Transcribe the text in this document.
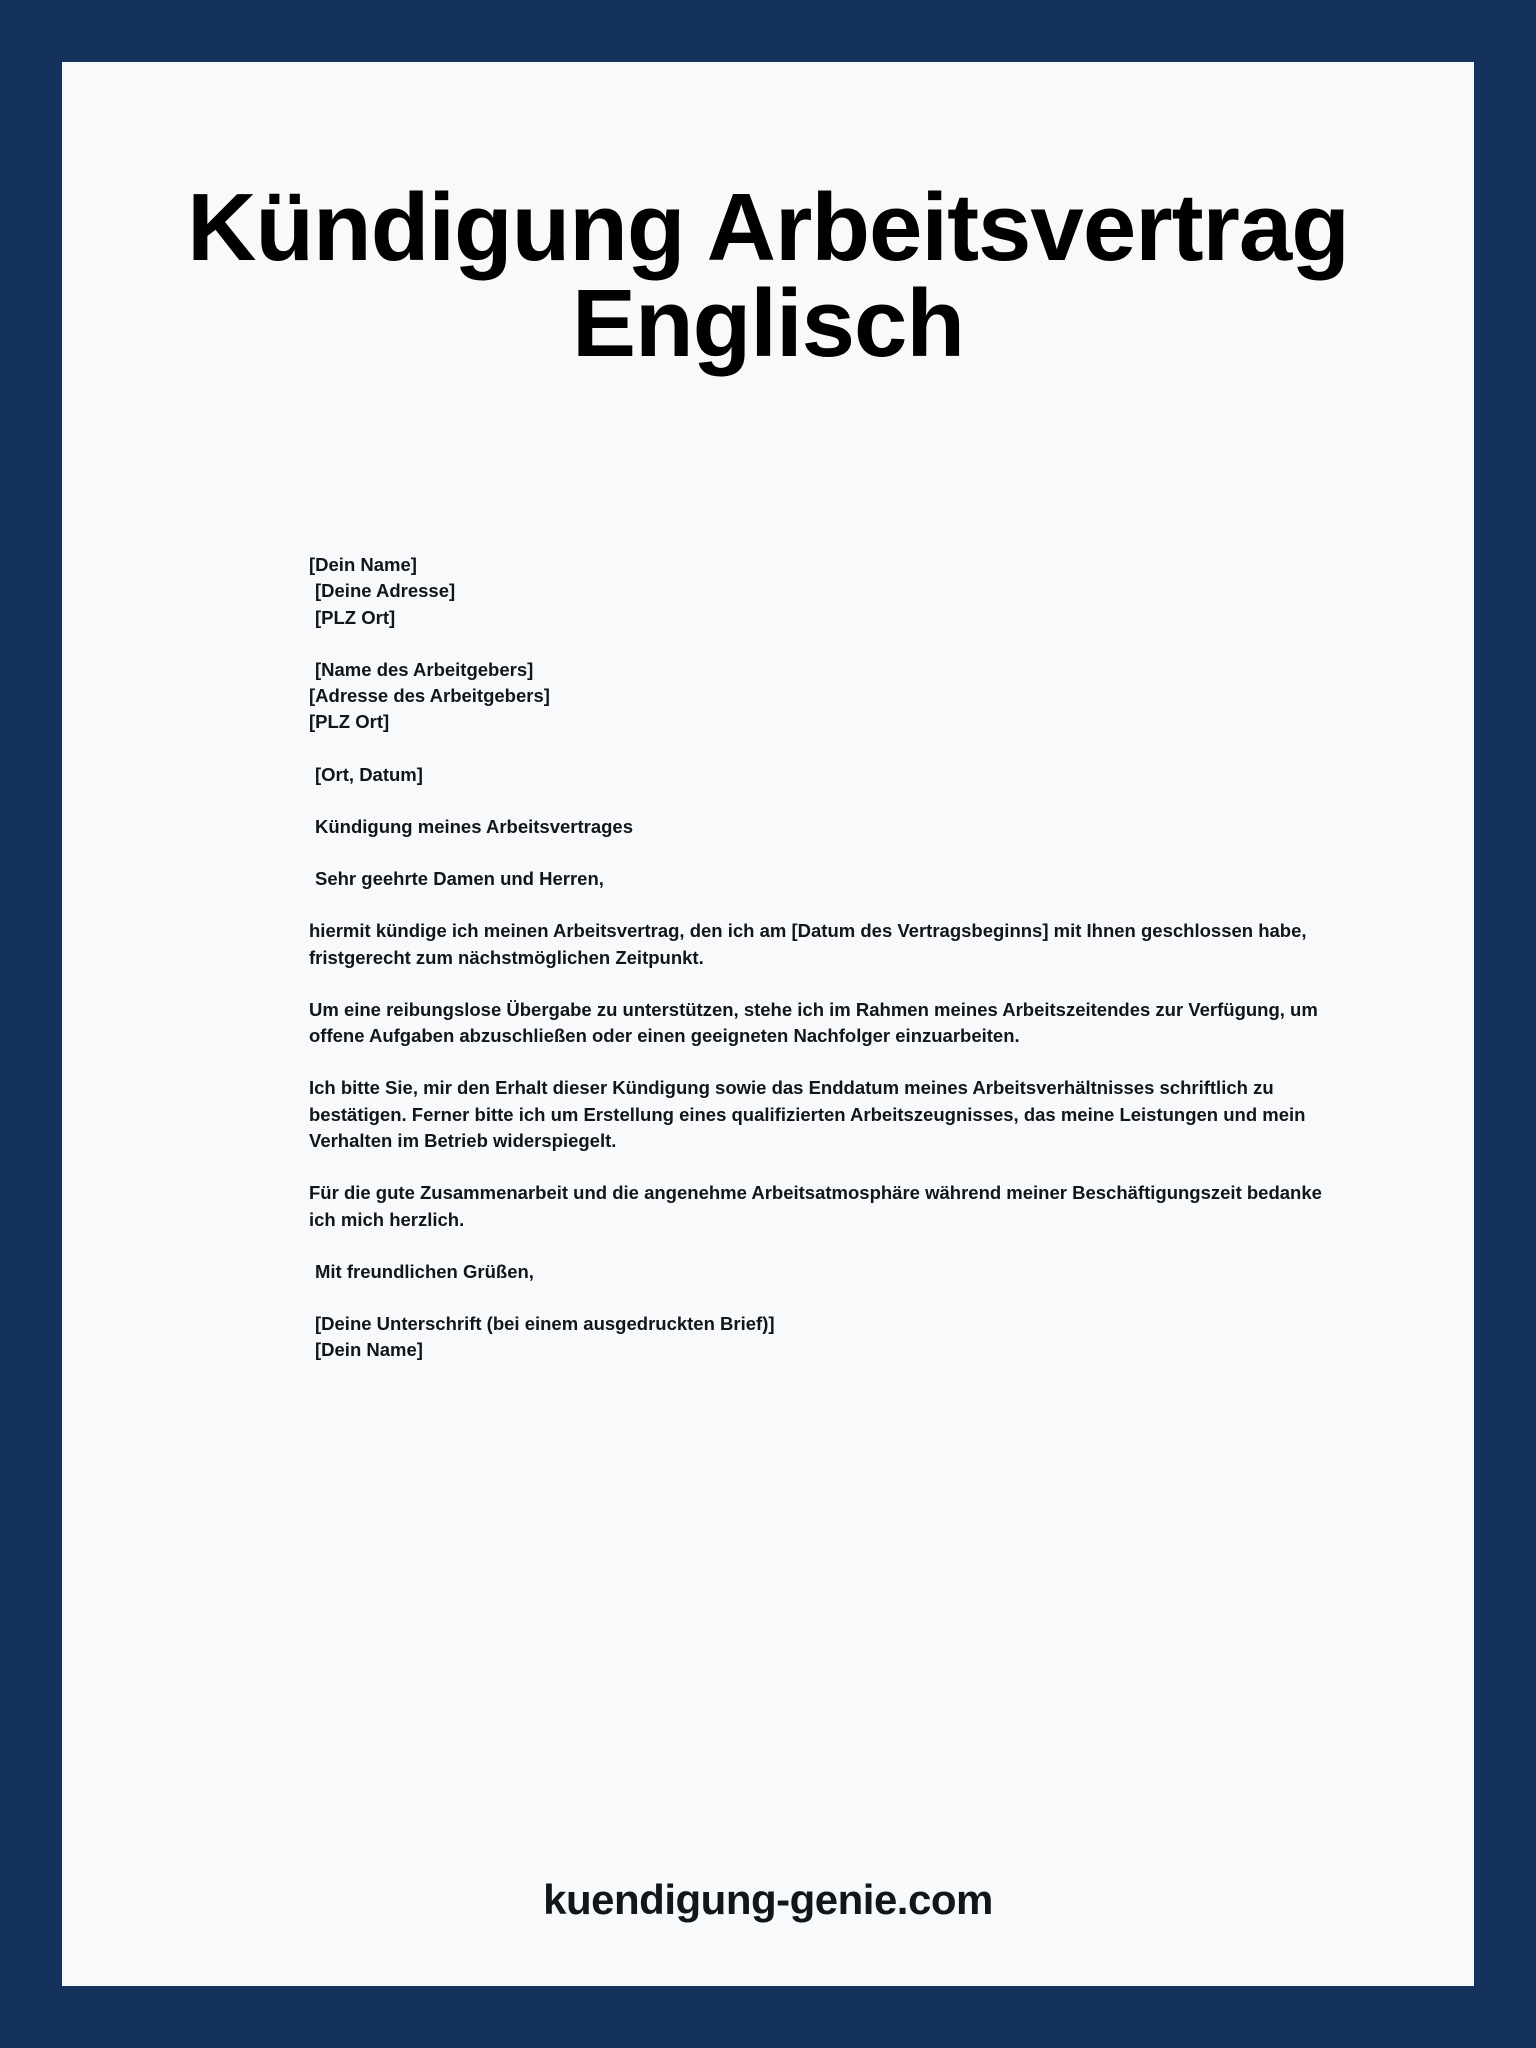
Kündigung Arbeitsvertrag Englisch

[Dein Name]

[Deine Adresse]

[PLZ Ort]

[Name des Arbeitgebers]

[Adresse des Arbeitgebers]

[PLZ Ort]

[Ort, Datum]

Kündigung meines Arbeitsvertrages

Sehr geehrte Damen und Herren,

hiermit kündige ich meinen Arbeitsvertrag, den ich am [Datum des Vertragsbeginns] mit Ihnen geschlossen habe, fristgerecht zum nächstmöglichen Zeitpunkt.

Um eine reibungslose Übergabe zu unterstützen, stehe ich im Rahmen meines Arbeitszeitendes zur Verfügung, um offene Aufgaben abzuschließen oder einen geeigneten Nachfolger einzuarbeiten.

Ich bitte Sie, mir den Erhalt dieser Kündigung sowie das Enddatum meines Arbeitsverhältnisses schriftlich zu bestätigen. Ferner bitte ich um Erstellung eines qualifizierten Arbeitszeugnisses, das meine Leistungen und mein Verhalten im Betrieb widerspiegelt.

Für die gute Zusammenarbeit und die angenehme Arbeitsatmosphäre während meiner Beschäftigungszeit bedanke ich mich herzlich.

Mit freundlichen Grüßen,

[Deine Unterschrift (bei einem ausgedruckten Brief)]

[Dein Name]

kuendigung-genie.com
